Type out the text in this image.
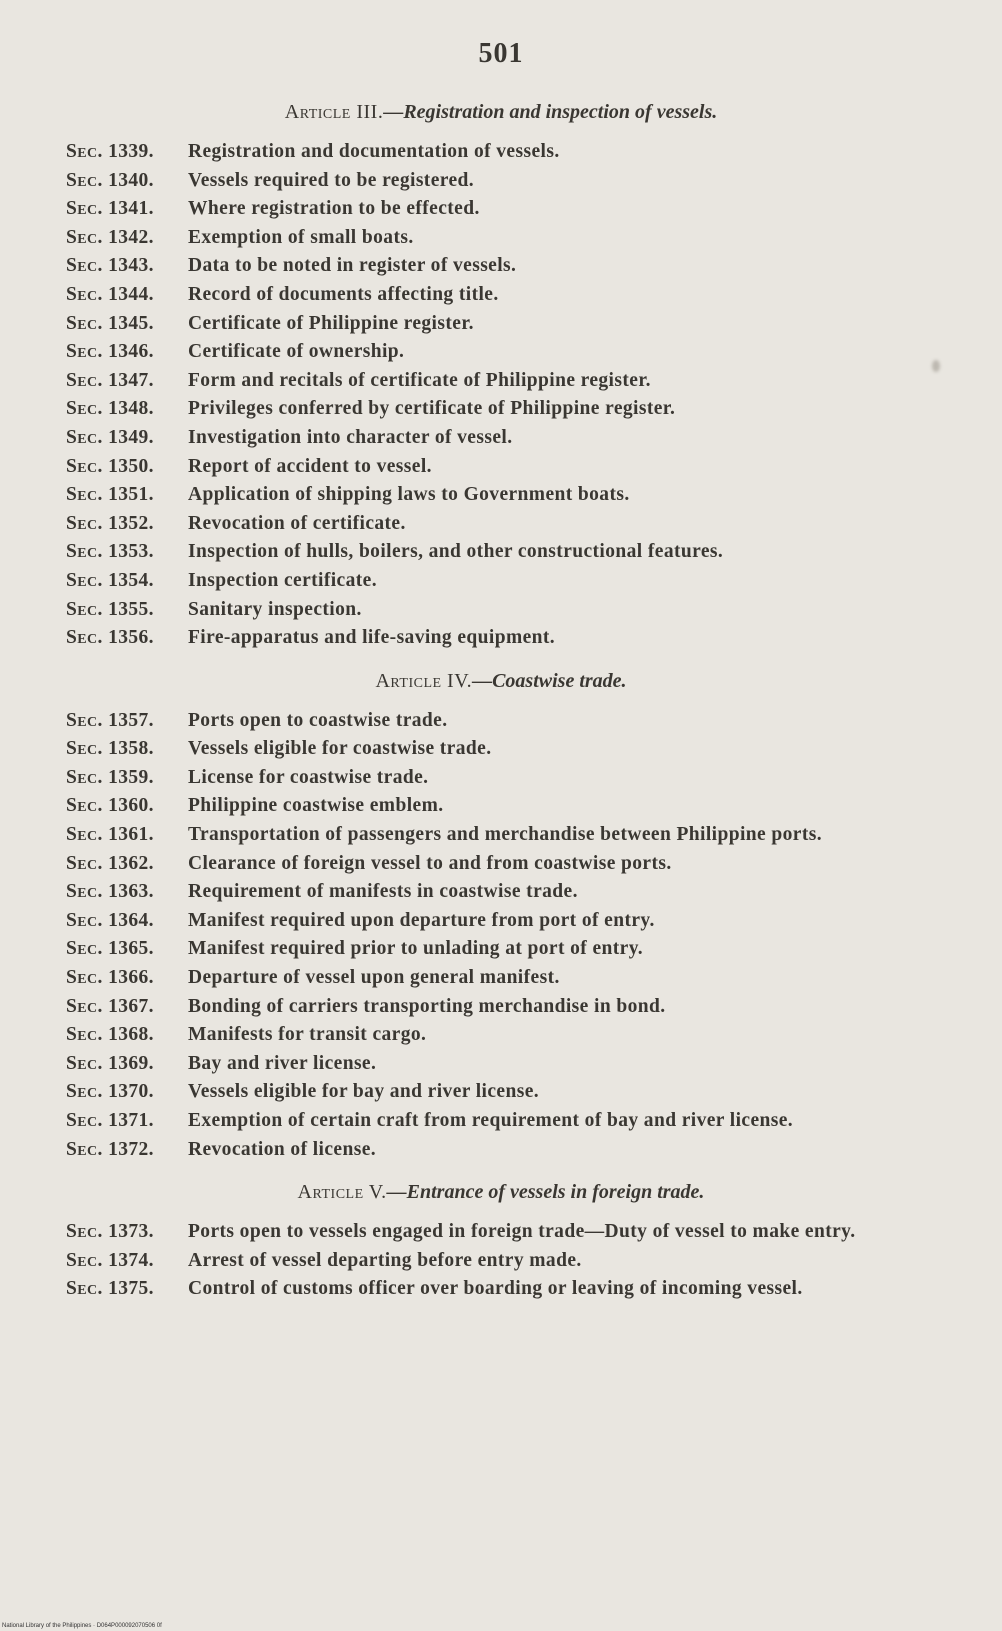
501
Article III.—Registration and inspection of vessels.
Sec. 1339.	Registration and documentation of vessels.
Sec. 1340.	Vessels required to be registered.
Sec. 1341.	Where registration to be effected.
Sec. 1342.	Exemption of small boats.
Sec. 1343.	Data to be noted in register of vessels.
Sec. 1344.	Record of documents affecting title.
Sec. 1345.	Certificate of Philippine register.
Sec. 1346.	Certificate of ownership.
Sec. 1347.	Form and recitals of certificate of Philippine register.
Sec. 1348.	Privileges conferred by certificate of Philippine register.
Sec. 1349.	Investigation into character of vessel.
Sec. 1350.	Report of accident to vessel.
Sec. 1351.	Application of shipping laws to Government boats.
Sec. 1352.	Revocation of certificate.
Sec. 1353.	Inspection of hulls, boilers, and other constructional features.
Sec. 1354.	Inspection certificate.
Sec. 1355.	Sanitary inspection.
Sec. 1356.	Fire-apparatus and life-saving equipment.
Article IV.—Coastwise trade.
Sec. 1357.	Ports open to coastwise trade.
Sec. 1358.	Vessels eligible for coastwise trade.
Sec. 1359.	License for coastwise trade.
Sec. 1360.	Philippine coastwise emblem.
Sec. 1361.	Transportation of passengers and merchandise between Philippine ports.
Sec. 1362.	Clearance of foreign vessel to and from coastwise ports.
Sec. 1363.	Requirement of manifests in coastwise trade.
Sec. 1364.	Manifest required upon departure from port of entry.
Sec. 1365.	Manifest required prior to unlading at port of entry.
Sec. 1366.	Departure of vessel upon general manifest.
Sec. 1367.	Bonding of carriers transporting merchandise in bond.
Sec. 1368.	Manifests for transit cargo.
Sec. 1369.	Bay and river license.
Sec. 1370.	Vessels eligible for bay and river license.
Sec. 1371.	Exemption of certain craft from requirement of bay and river license.
Sec. 1372.	Revocation of license.
Article V.—Entrance of vessels in foreign trade.
Sec. 1373.	Ports open to vessels engaged in foreign trade—Duty of vessel to make entry.
Sec. 1374.	Arrest of vessel departing before entry made.
Sec. 1375.	Control of customs officer over boarding or leaving of incoming vessel.
National Library of the Philippines · D064P000092070506 0f
